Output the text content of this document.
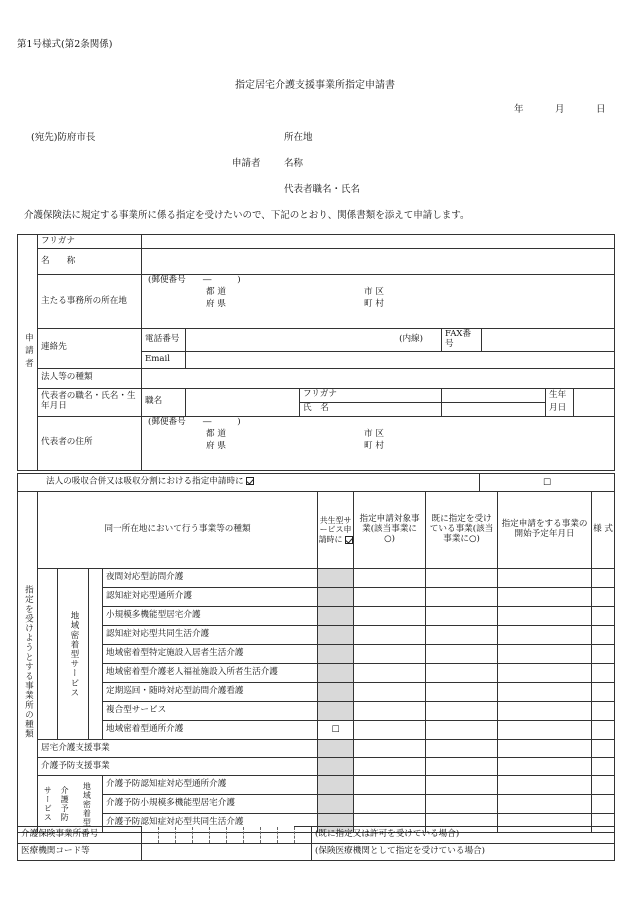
第1号様式(第2条関係)
指定居宅介護支援事業所指定申請書
年	月	日
(宛先)防府市長	所在地
申請者 名称
代表者職名・氏名
介護保険法に規定する事業所に係る指定を受けたいので、下記のとおり、関係書類を添えて申請します。
申請者	フリガナ							
	名　　称							
	主たる事務所の所在地	(郵便番号　　―　　　)
都 道
府 県
市 区
町 村						

	連絡先	電話番号	(内線)		FAX番号			
		Email						
	法人等の種類							
	代表者の職名・氏名・生年月日	職名		フリガナ			生年	
				氏　名			月日	
	代表者の住所	(郵便番号　　―　　　)
都 道
府 県
市 区
町 村						
法人の吸収合併又は吸収分割における指定申請時に	□
指定を受けようとする事業所の種類	同一所在地において行う事業等の種類					共生型サービス申請時に	指定申請対象事業(該当事業に○)	既に指定を受けている事業(該当事業に○)	指定申請をする事業の開始予定年月日	様 式
		地域密着型サービス			夜間対応型訪問介護					
					認知症対応型通所介護					
					小規模多機能型居宅介護					
					認知症対応型共同生活介護					
					地域密着型特定施設入居者生活介護					
					地域密着型介護老人福祉施設入所者生活介護					
					定期巡回・随時対応型訪問介護看護					
					複合型サービス					
					地域密着型通所介護	□				
	居宅介護支援事業									
	介護予防支援事業									
	サービス	介護予防	地域密着型		介護予防認知症対応型通所介護					
					介護予防小規模多機能型居宅介護					
					介護予防認知症対応型共同生活介護					
介護保険事業所番号											(既に指定又は許可を受けている場合)
医療機関コード等											(保険医療機関として指定を受けている場合)
